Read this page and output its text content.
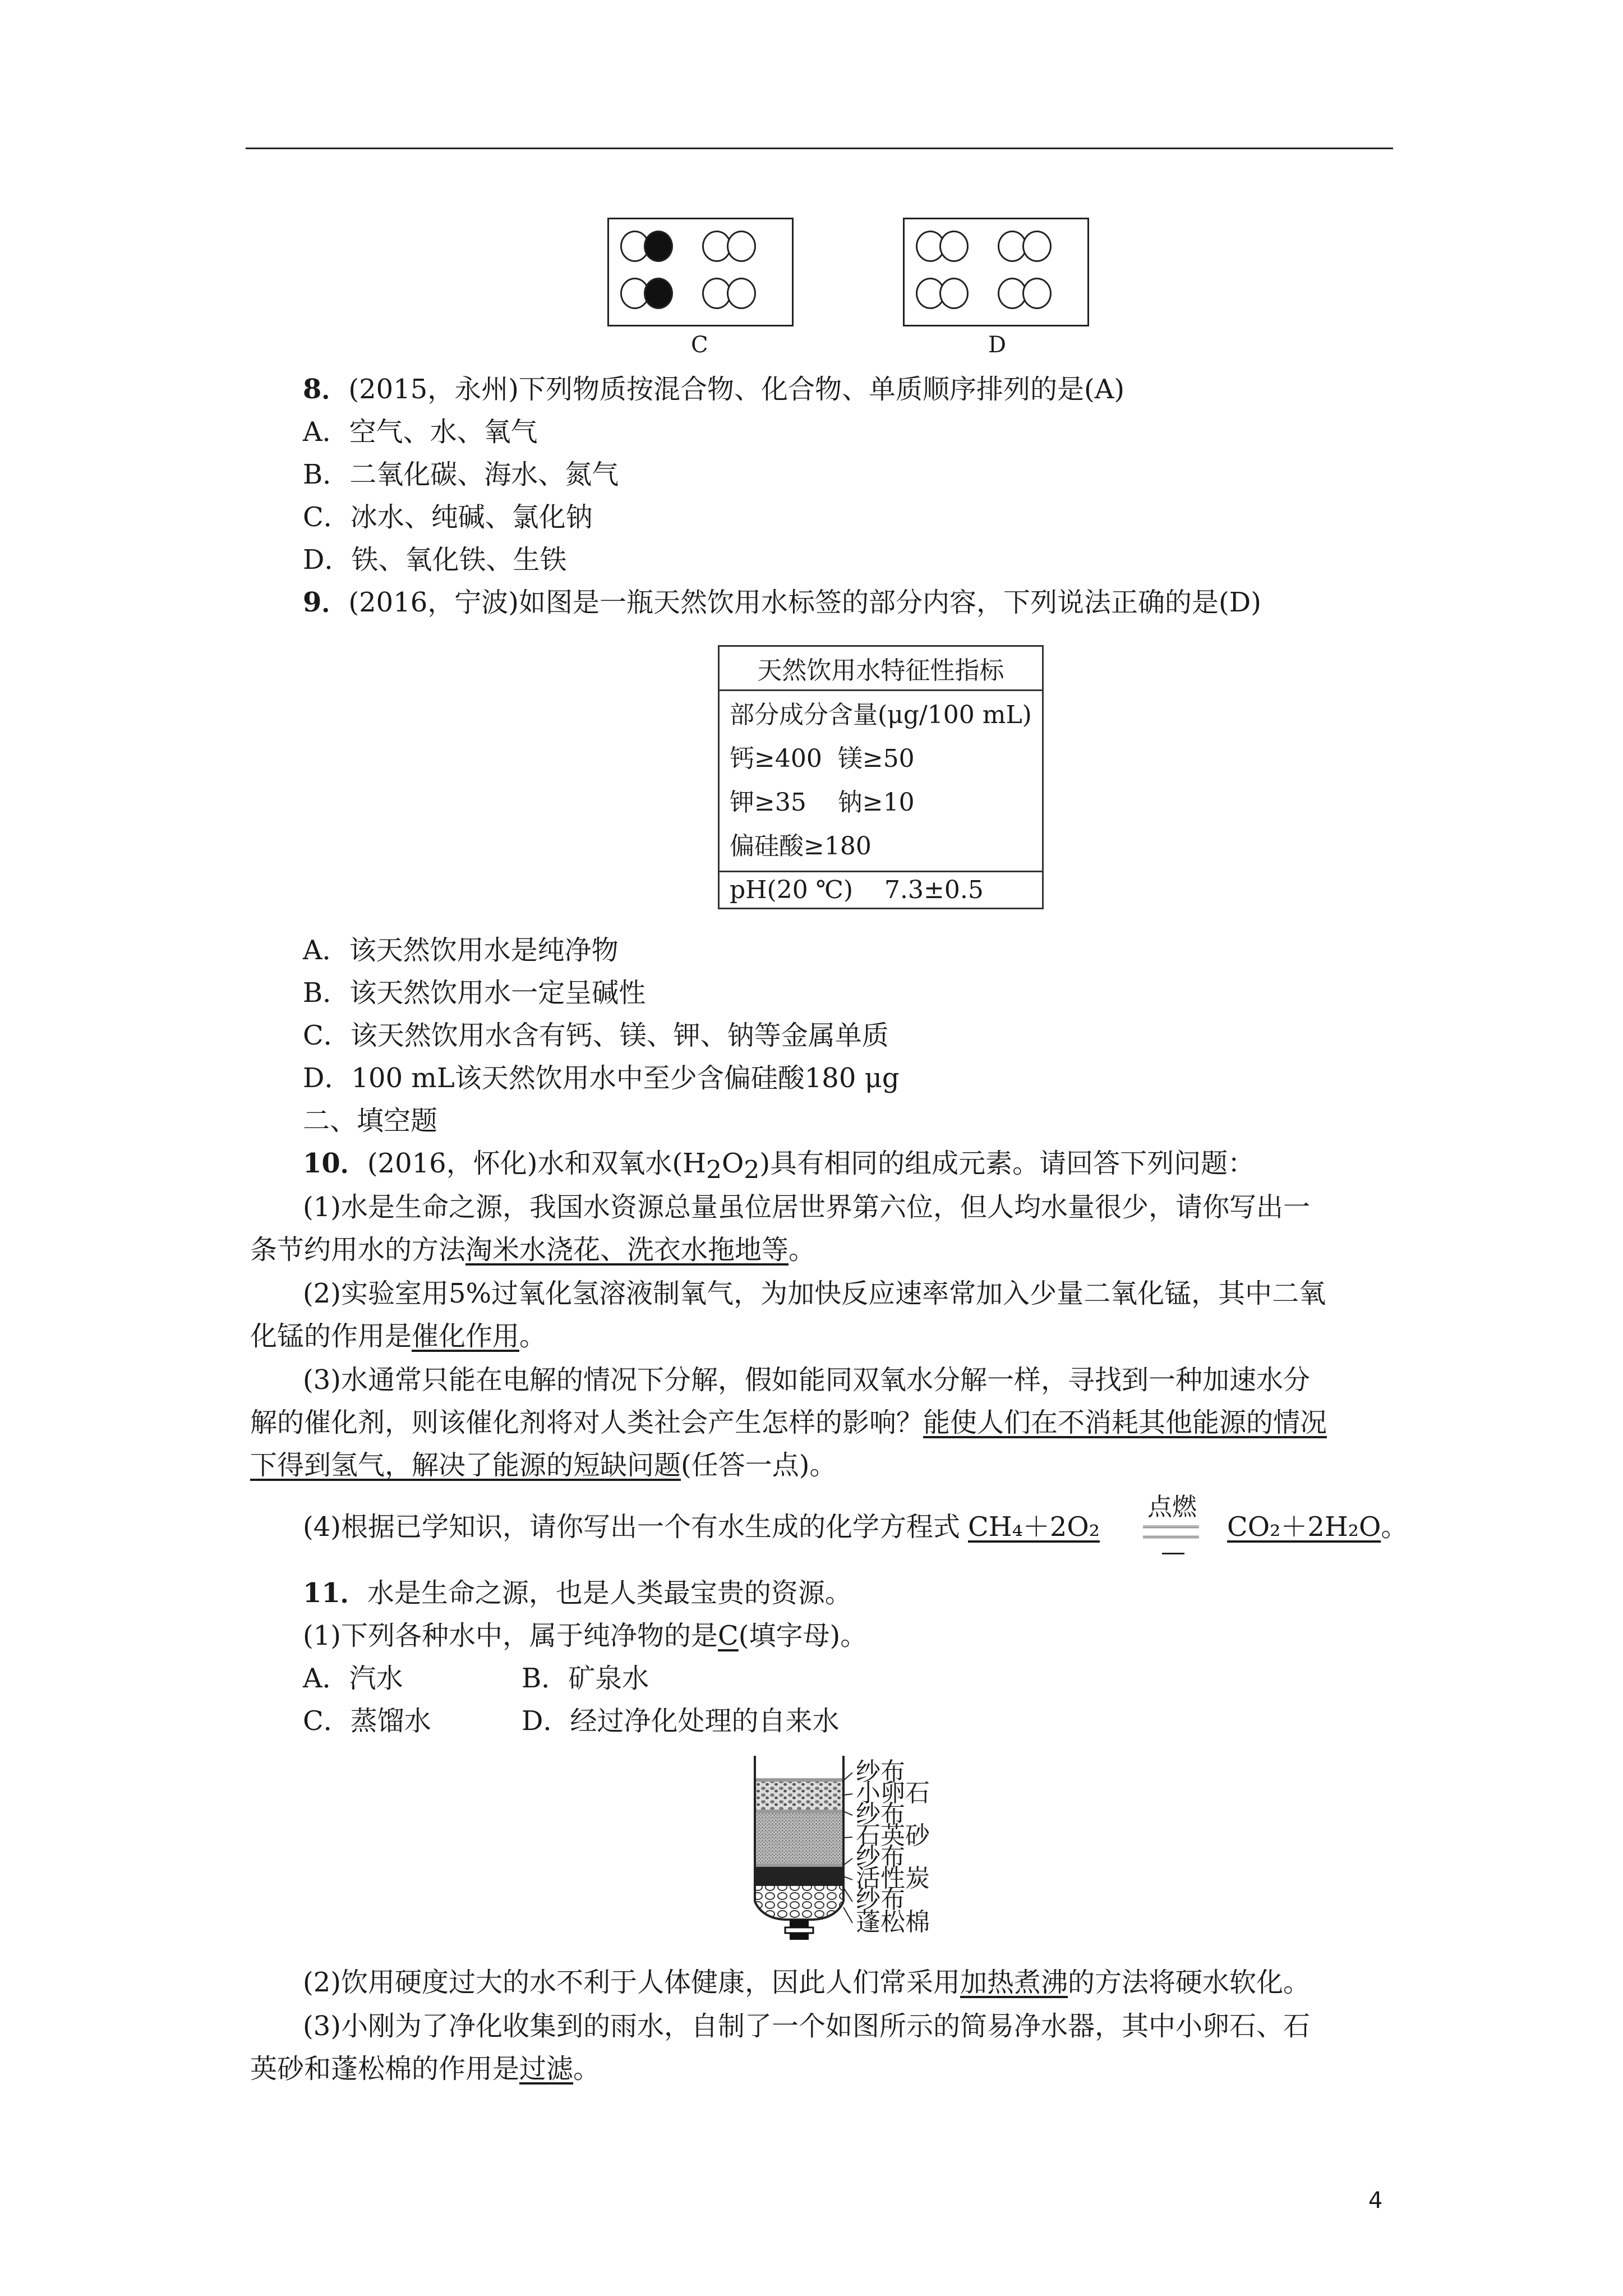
C	D
8．(2015，永州)下列物质按混合物、化合物、单质顺序排列的是(A)
A．空气、水、氧气
B．二氧化碳、海水、氮气
C．冰水、纯碱、氯化钠
D．铁、氧化铁、生铁
9．(2016，宁波)如图是一瓶天然饮用水标签的部分内容，下列说法正确的是(D)
天然饮用水特征性指标

部分成分含量(μg/100 mL)
钙≥400  镁≥50
钾≥35    钠≥10
偏硅酸≥180

pH(20 ℃)    7.3±0.5
A．该天然饮用水是纯净物
B．该天然饮用水一定呈碱性
C．该天然饮用水含有钙、镁、钾、钠等金属单质
D．100 mL该天然饮用水中至少含偏硅酸180 μg
二、填空题
10．(2016，怀化)水和双氧水$(H_2O_2)$具有相同的组成元素。请回答下列问题：
(1)水是生命之源，我国水资源总量虽位居世界第六位，但人均水量很少，请你写出一
条节约用水的方法淘米水浇花、洗衣水拖地等。
(2)实验室用5%过氧化氢溶液制氧气，为加快反应速率常加入少量二氧化锰，其中二氧
化锰的作用是催化作用。
(3)水通常只能在电解的情况下分解，假如能同双氧水分解一样，寻找到一种加速水分
解的催化剂，则该催化剂将对人类社会产生怎样的影响？能使人们在不消耗其他能源的情况
下得到氢气，解决了能源的短缺问题(任答一点)。
(4)根据已学知识，请你写出一个有水生成的化学方程式 CH₄＋2O₂
点燃
CO₂＋2H₂O。
11．水是生命之源，也是人类最宝贵的资源。
(1)下列各种水中，属于纯净物的是C(填字母)。
A．汽水	B．矿泉水
C．蒸馏水	D．经过净化处理的自来水
纱布
小卵石
纱布
石英砂
纱布
活性炭
纱布
蓬松棉
(2)饮用硬度过大的水不利于人体健康，因此人们常采用加热煮沸的方法将硬水软化。
(3)小刚为了净化收集到的雨水，自制了一个如图所示的简易净水器，其中小卵石、石
英砂和蓬松棉的作用是过滤。
4
